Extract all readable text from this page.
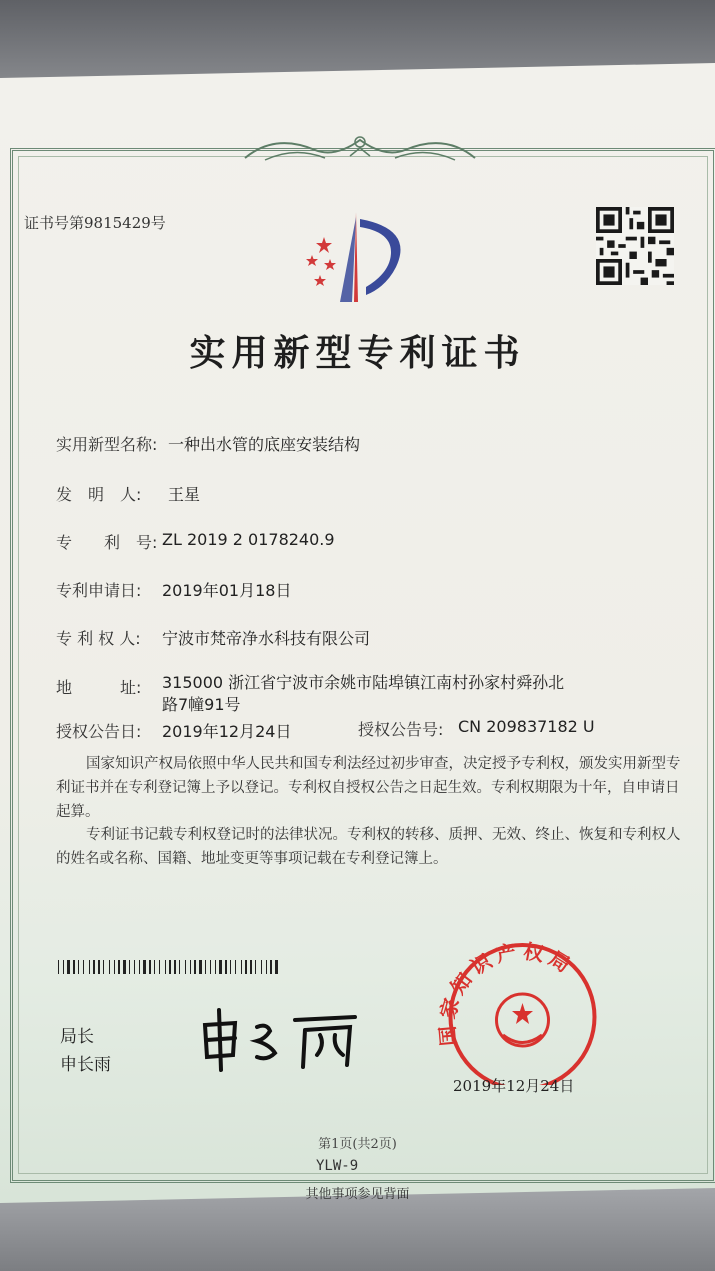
证书号第9815429号
实用新型专利证书
实用新型名称: 一种出水管的底座安装结构
发　明　人: 王星
专　　利　号: ZL 2019 2 0178240.9
专利申请日: 2019年01月18日
专 利 权 人: 宁波市梵帝净水科技有限公司
地　　　址: 315000 浙江省宁波市余姚市陆埠镇江南村孙家村舜孙北
路7幢91号
授权公告日: 2019年12月24日	授权公告号: CN 209837182 U
国家知识产权局依照中华人民共和国专利法经过初步审查，决定授予专利权，颁发实用新型专利证书并在专利登记簿上予以登记。专利权自授权公告之日起生效。专利权期限为十年，自申请日起算。
专利证书记载专利权登记时的法律状况。专利权的转移、质押、无效、终止、恢复和专利权人的姓名或名称、国籍、地址变更等事项记载在专利登记簿上。
局长
申长雨
国家知识产权局
2019年12月24日
第1页(共2页)
YLW-9
其他事项参见背面
